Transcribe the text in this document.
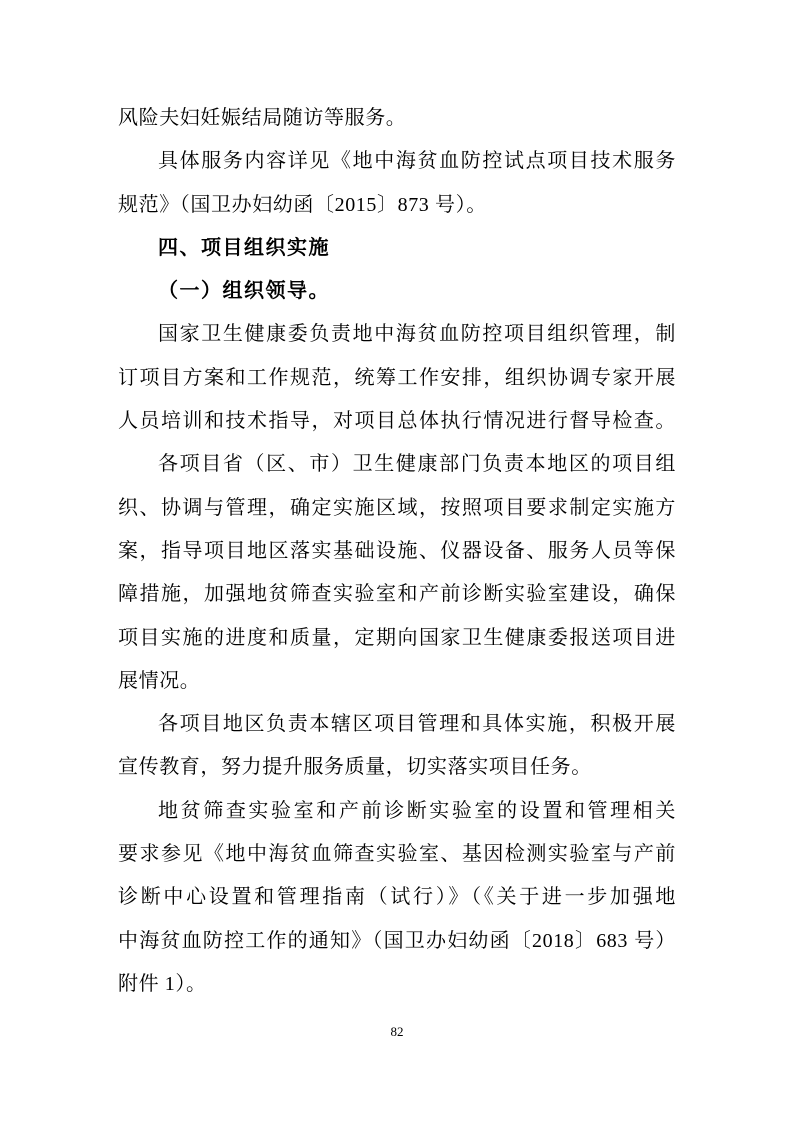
风险夫妇妊娠结局随访等服务。
具体服务内容详见《地中海贫血防控试点项目技术服务
规范》（国卫办妇幼函〔2015〕873 号）。
四、项目组织实施
（一）组织领导。
国家卫生健康委负责地中海贫血防控项目组织管理，制
订项目方案和工作规范，统筹工作安排，组织协调专家开展
人员培训和技术指导，对项目总体执行情况进行督导检查。
各项目省（区、市）卫生健康部门负责本地区的项目组
织、协调与管理，确定实施区域，按照项目要求制定实施方
案，指导项目地区落实基础设施、仪器设备、服务人员等保
障措施，加强地贫筛查实验室和产前诊断实验室建设，确保
项目实施的进度和质量，定期向国家卫生健康委报送项目进
展情况。
各项目地区负责本辖区项目管理和具体实施，积极开展
宣传教育，努力提升服务质量，切实落实项目任务。
地贫筛查实验室和产前诊断实验室的设置和管理相关
要求参见《地中海贫血筛查实验室、基因检测实验室与产前
诊断中心设置和管理指南（试行）》（《关于进一步加强地
中海贫血防控工作的通知》（国卫办妇幼函〔2018〕683 号）
附件 1）。
82
